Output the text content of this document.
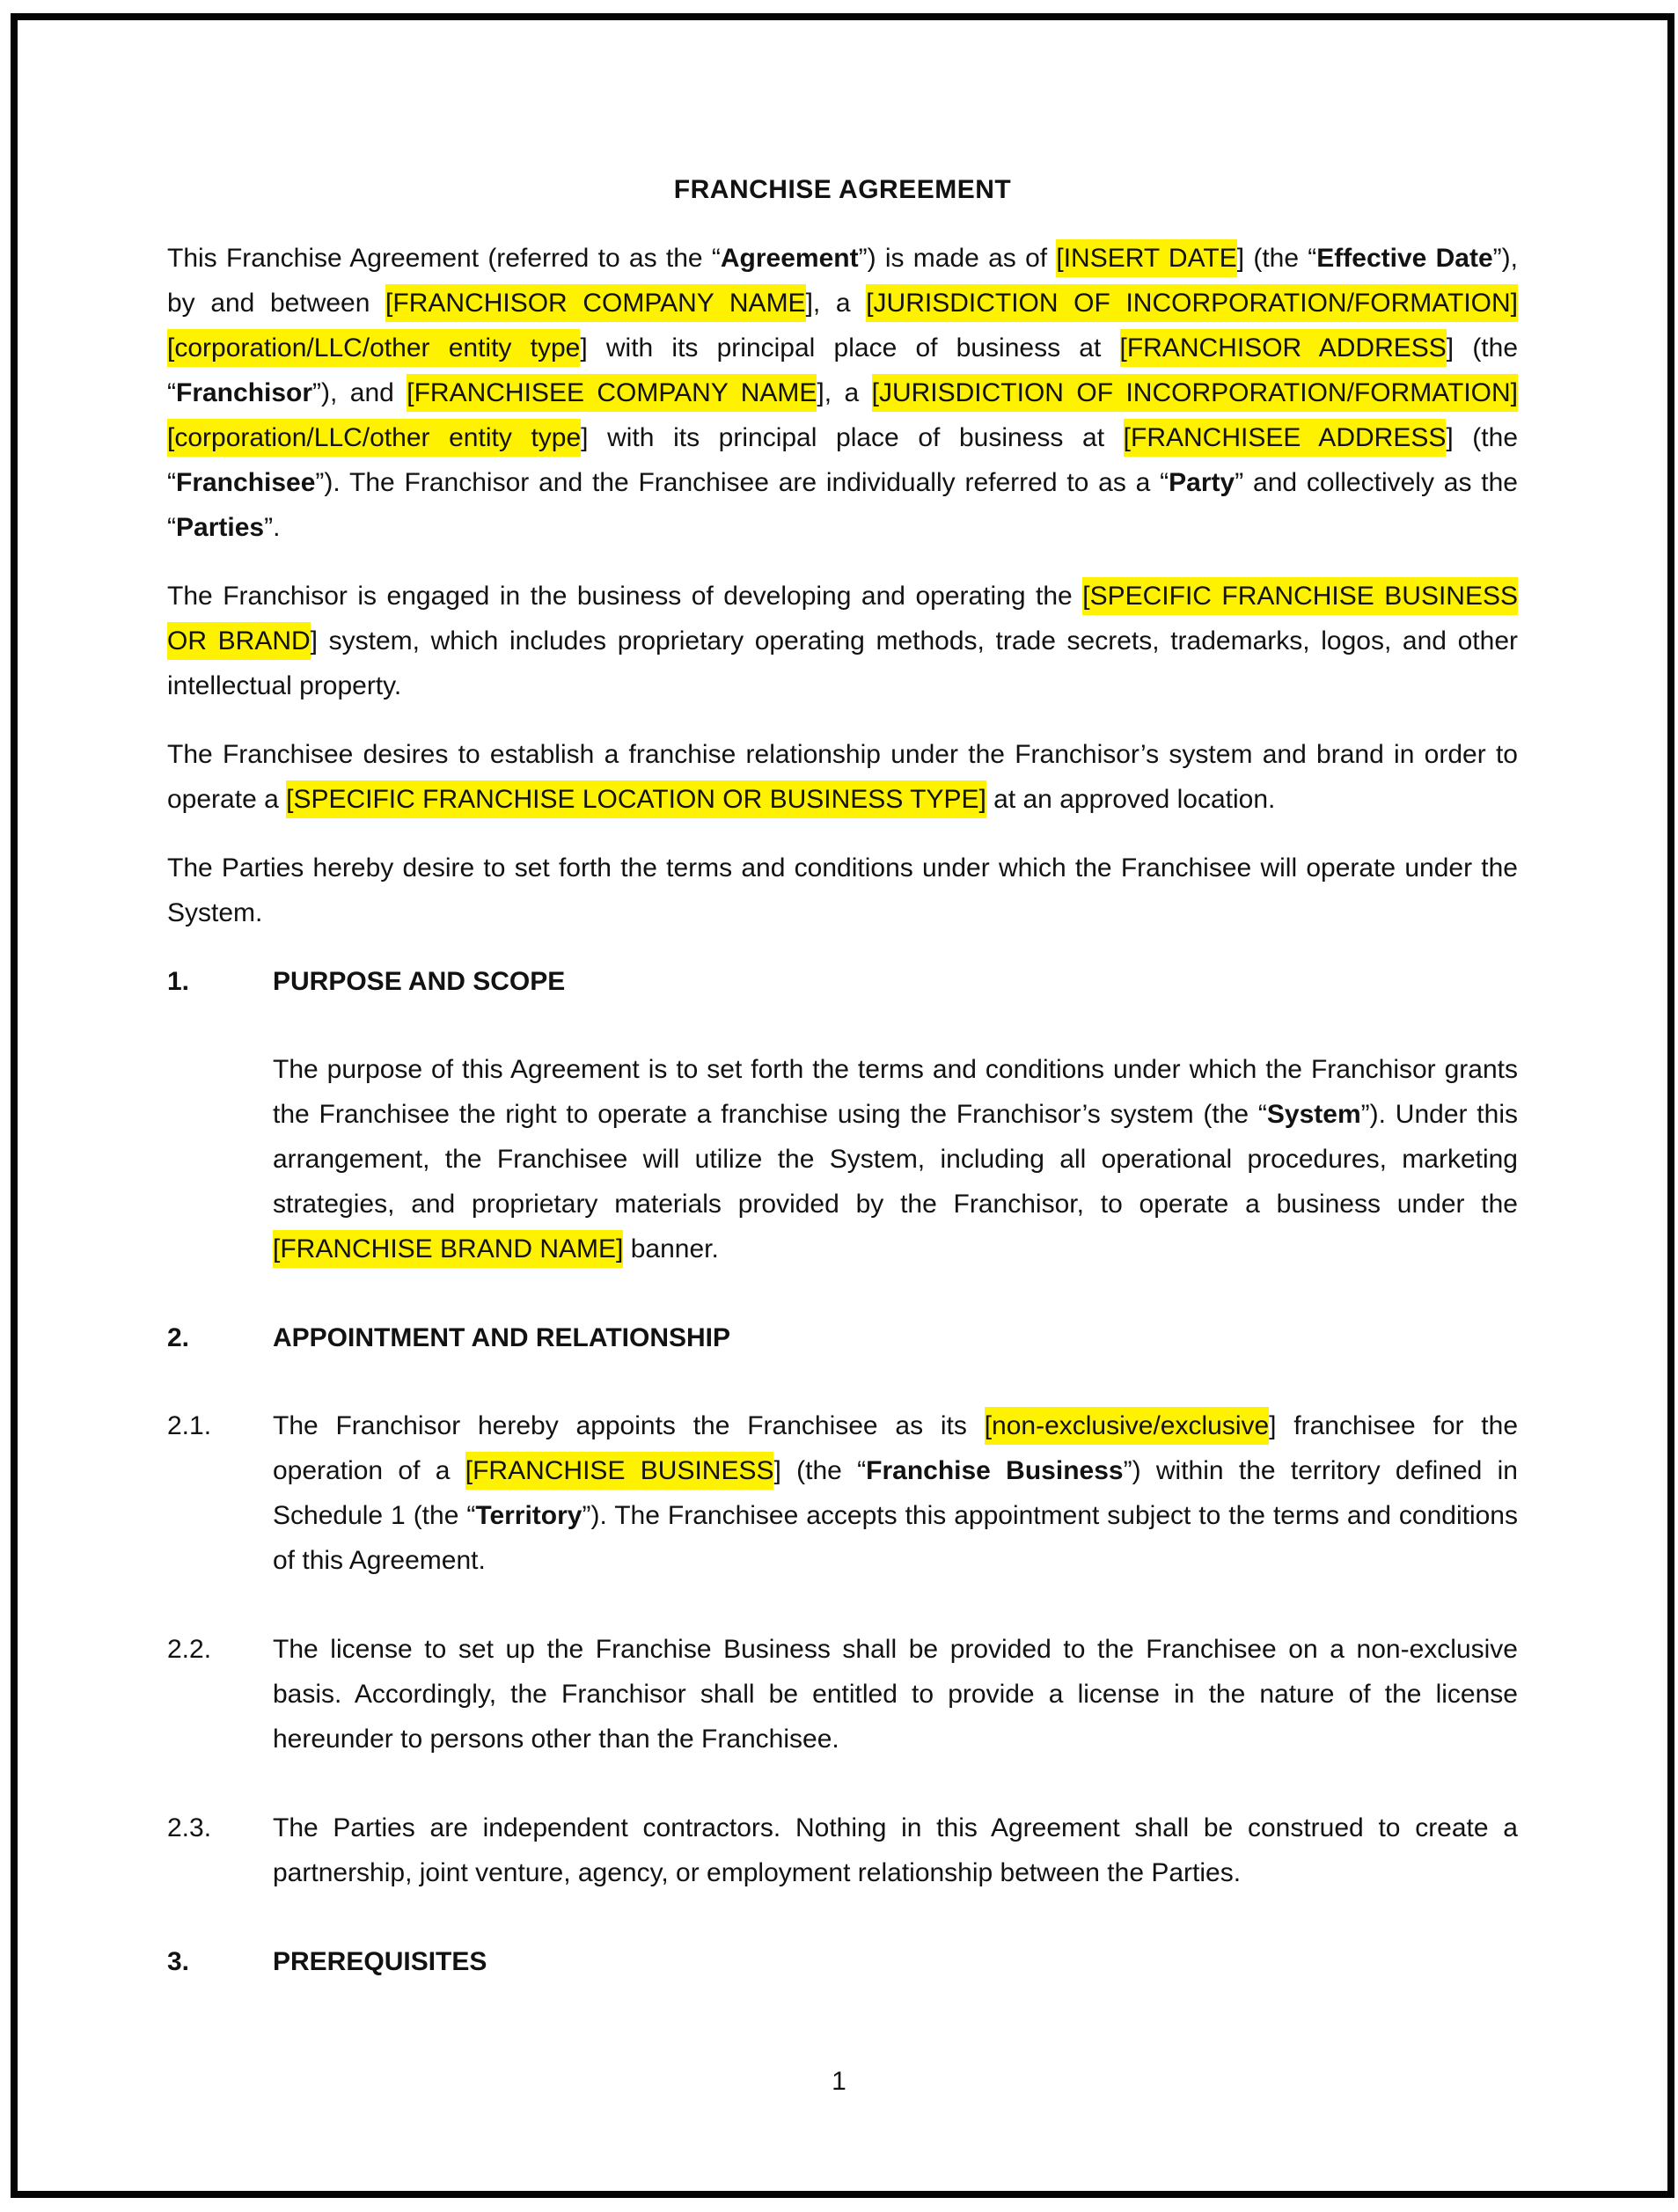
FRANCHISE AGREEMENT
This Franchise Agreement (referred to as the “Agreement”) is made as of [INSERT DATE] (the “Effective Date”), by and between [FRANCHISOR COMPANY NAME], a [JURISDICTION OF INCORPORATION/FORMATION] [corporation/LLC/other entity type] with its principal place of business at [FRANCHISOR ADDRESS] (the “Franchisor”), and [FRANCHISEE COMPANY NAME], a [JURISDICTION OF INCORPORATION/FORMATION] [corporation/LLC/other entity type] with its principal place of business at [FRANCHISEE ADDRESS] (the “Franchisee”). The Franchisor and the Franchisee are individually referred to as a “Party” and collectively as the “Parties”.
The Franchisor is engaged in the business of developing and operating the [SPECIFIC FRANCHISE BUSINESS OR BRAND] system, which includes proprietary operating methods, trade secrets, trademarks, logos, and other intellectual property.
The Franchisee desires to establish a franchise relationship under the Franchisor’s system and brand in order to operate a [SPECIFIC FRANCHISE LOCATION OR BUSINESS TYPE] at an approved location.
The Parties hereby desire to set forth the terms and conditions under which the Franchisee will operate under the System.
1.	PURPOSE AND SCOPE
The purpose of this Agreement is to set forth the terms and conditions under which the Franchisor grants the Franchisee the right to operate a franchise using the Franchisor’s system (the “System”). Under this arrangement, the Franchisee will utilize the System, including all operational procedures, marketing strategies, and proprietary materials provided by the Franchisor, to operate a business under the [FRANCHISE BRAND NAME] banner.
2.	APPOINTMENT AND RELATIONSHIP
2.1.	The Franchisor hereby appoints the Franchisee as its [non-exclusive/exclusive] franchisee for the operation of a [FRANCHISE BUSINESS] (the “Franchise Business”) within the territory defined in Schedule 1 (the “Territory”). The Franchisee accepts this appointment subject to the terms and conditions of this Agreement.
2.2.	The license to set up the Franchise Business shall be provided to the Franchisee on a non-exclusive basis. Accordingly, the Franchisor shall be entitled to provide a license in the nature of the license hereunder to persons other than the Franchisee.
2.3.	The Parties are independent contractors. Nothing in this Agreement shall be construed to create a partnership, joint venture, agency, or employment relationship between the Parties.
3.	PREREQUISITES
1
